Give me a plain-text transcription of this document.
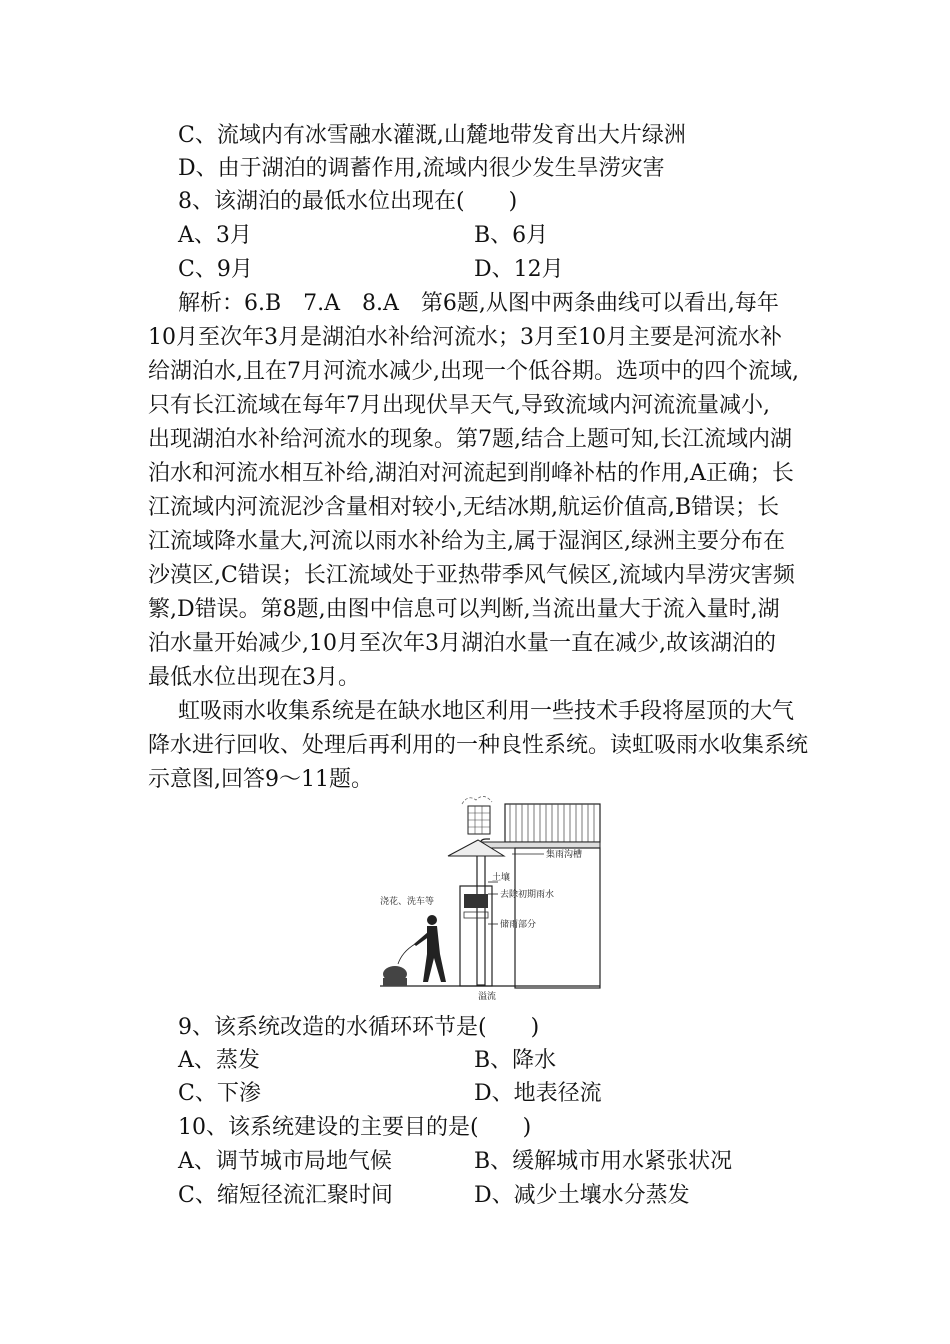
C、流域内有冰雪融水灌溉,山麓地带发育出大片绿洲
D、由于湖泊的调蓄作用,流域内很少发生旱涝灾害
8、该湖泊的最低水位出现在(　　)
A、3月	B、6月
C、9月	D、12月
解析：6.B　7.A　8.A　第6题,从图中两条曲线可以看出,每年
10月至次年3月是湖泊水补给河流水；3月至10月主要是河流水补
给湖泊水,且在7月河流水减少,出现一个低谷期。选项中的四个流域,
只有长江流域在每年7月出现伏旱天气,导致流域内河流流量减小,
出现湖泊水补给河流水的现象。第7题,结合上题可知,长江流域内湖
泊水和河流水相互补给,湖泊对河流起到削峰补枯的作用,A正确；长
江流域内河流泥沙含量相对较小,无结冰期,航运价值高,B错误；长
江流域降水量大,河流以雨水补给为主,属于湿润区,绿洲主要分布在
沙漠区,C错误；长江流域处于亚热带季风气候区,流域内旱涝灾害频
繁,D错误。第8题,由图中信息可以判断,当流出量大于流入量时,湖
泊水量开始减少,10月至次年3月湖泊水量一直在减少,故该湖泊的
最低水位出现在3月。
虹吸雨水收集系统是在缺水地区利用一些技术手段将屋顶的大气
降水进行回收、处理后再利用的一种良性系统。读虹吸雨水收集系统
示意图,回答9～11题。
集雨沟槽
土壤
去除初期雨水
浇花、洗车等
储雨部分
溢流
9、该系统改造的水循环环节是(　　)
A、蒸发	B、降水
C、下渗	D、地表径流
10、该系统建设的主要目的是(　　)
A、调节城市局地气候	B、缓解城市用水紧张状况
C、缩短径流汇聚时间	D、减少土壤水分蒸发
